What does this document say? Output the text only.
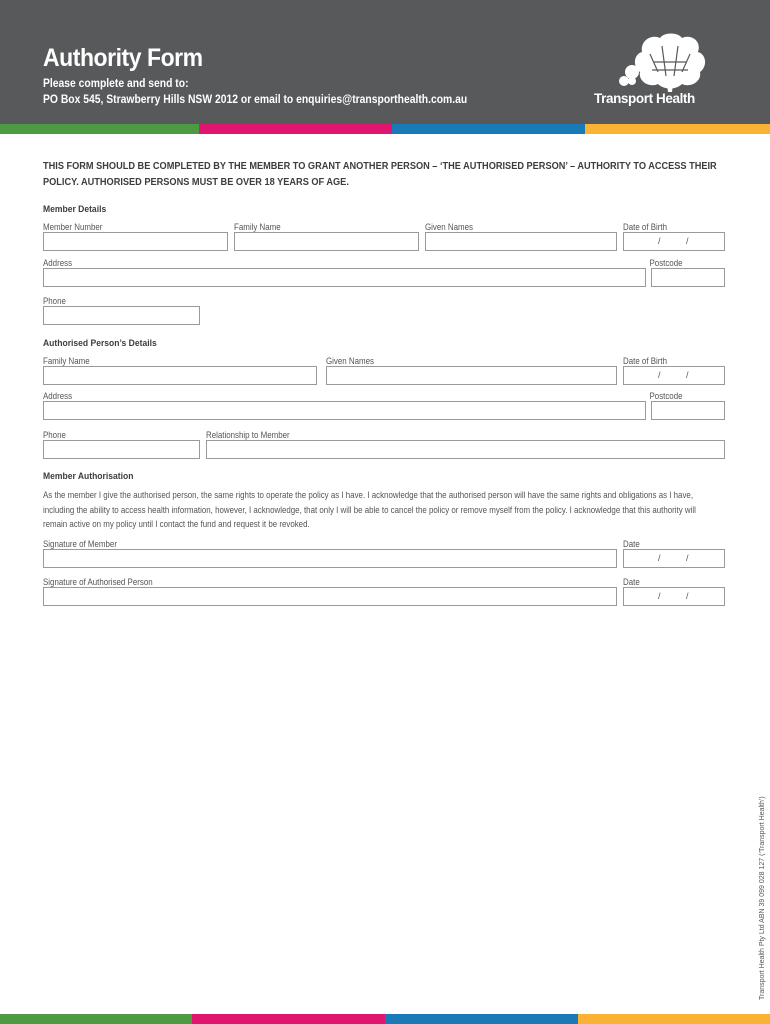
Authority Form
Please complete and send to:
PO Box 545, Strawberry Hills NSW 2012 or email to enquiries@transporthealth.com.au	Transport Health
THIS FORM SHOULD BE COMPLETED BY THE MEMBER TO GRANT ANOTHER PERSON – ‘THE AUTHORISED PERSON’ – AUTHORITY TO ACCESS THEIR
POLICY. AUTHORISED PERSONS MUST BE OVER 18 YEARS OF AGE.
Member Details
Member Number	Family Name	Given Names	Date of Birth
/	/
Address	Postcode
Phone
Authorised Person’s Details
Family Name	Given Names	Date of Birth
/	/
Address	Postcode
Phone	Relationship to Member
Member Authorisation
As the member I give the authorised person, the same rights to operate the policy as I have. I acknowledge that the authorised person will have the same rights and obligations as I have,
including the ability to access health information, however, I acknowledge, that only I will be able to cancel the policy or remove myself from the policy. I acknowledge that this authority will
remain active on my policy until I contact the fund and request it be revoked.
Signature of Member	Date
/	/
Signature of Authorised Person	Date
/	/
Transport Health Pty Ltd ABN 39 099 028 127 (‘Transport Health’)
